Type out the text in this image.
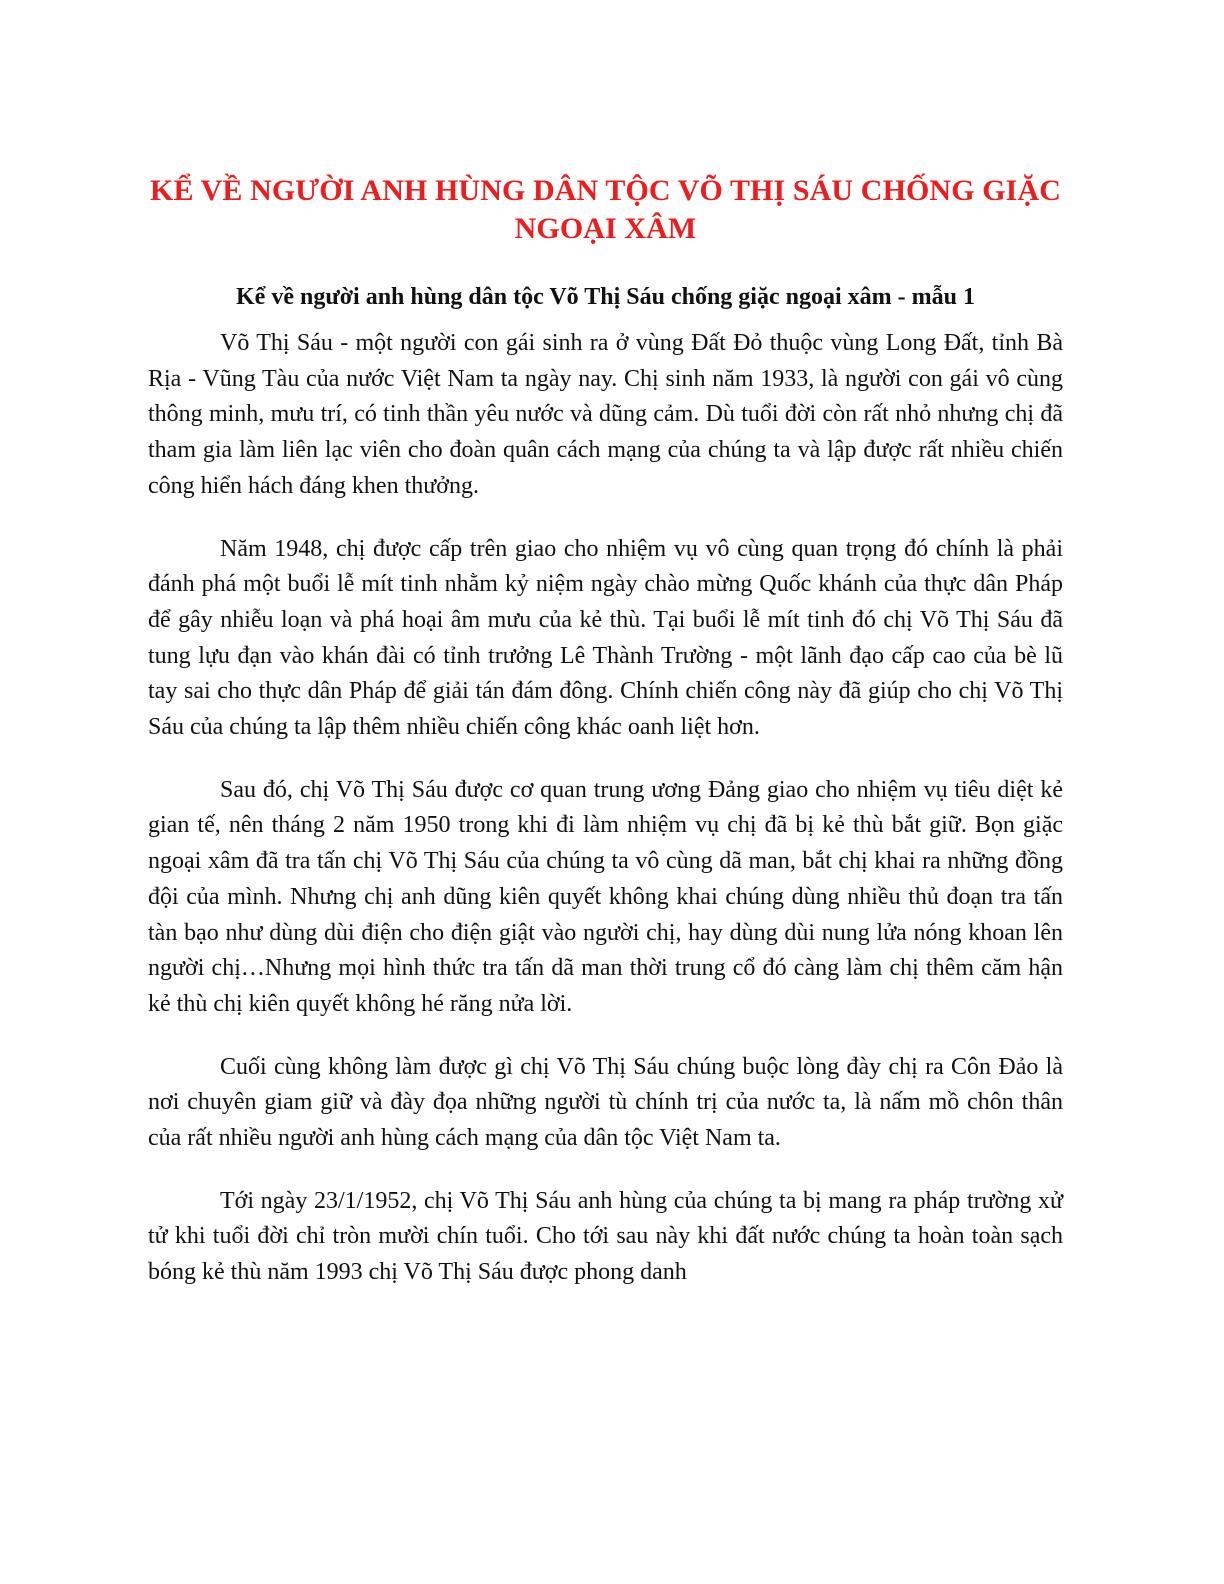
KỂ VỀ NGƯỜI ANH HÙNG DÂN TỘC VÕ THỊ SÁU CHỐNG GIẶC NGOẠI XÂM
Kể về người anh hùng dân tộc Võ Thị Sáu chống giặc ngoại xâm - mẫu 1

Võ Thị Sáu - một người con gái sinh ra ở vùng Đất Đỏ thuộc vùng Long Đất, tỉnh Bà Rịa - Vũng Tàu của nước Việt Nam ta ngày nay. Chị sinh năm 1933, là người con gái vô cùng thông minh, mưu trí, có tinh thần yêu nước và dũng cảm. Dù tuổi đời còn rất nhỏ nhưng chị đã tham gia làm liên lạc viên cho đoàn quân cách mạng của chúng ta và lập được rất nhiều chiến công hiển hách đáng khen thưởng.

Năm 1948, chị được cấp trên giao cho nhiệm vụ vô cùng quan trọng đó chính là phải đánh phá một buổi lễ mít tinh nhằm kỷ niệm ngày chào mừng Quốc khánh của thực dân Pháp để gây nhiễu loạn và phá hoại âm mưu của kẻ thù. Tại buổi lễ mít tinh đó chị Võ Thị Sáu đã tung lựu đạn vào khán đài có tỉnh trưởng Lê Thành Trường - một lãnh đạo cấp cao của bè lũ tay sai cho thực dân Pháp để giải tán đám đông. Chính chiến công này đã giúp cho chị Võ Thị Sáu của chúng ta lập thêm nhiều chiến công khác oanh liệt hơn.

Sau đó, chị Võ Thị Sáu được cơ quan trung ương Đảng giao cho nhiệm vụ tiêu diệt kẻ gian tế, nên tháng 2 năm 1950 trong khi đi làm nhiệm vụ chị đã bị kẻ thù bắt giữ. Bọn giặc ngoại xâm đã tra tấn chị Võ Thị Sáu của chúng ta vô cùng dã man, bắt chị khai ra những đồng đội của mình. Nhưng chị anh dũng kiên quyết không khai chúng dùng nhiều thủ đoạn tra tấn tàn bạo như dùng dùi điện cho điện giật vào người chị, hay dùng dùi nung lửa nóng khoan lên người chị…Nhưng mọi hình thức tra tấn dã man thời trung cổ đó càng làm chị thêm căm hận kẻ thù chị kiên quyết không hé răng nửa lời.

Cuối cùng không làm được gì chị Võ Thị Sáu chúng buộc lòng đày chị ra Côn Đảo là nơi chuyên giam giữ và đày đọa những người tù chính trị của nước ta, là nấm mồ chôn thân của rất nhiều người anh hùng cách mạng của dân tộc Việt Nam ta.

Tới ngày 23/1/1952, chị Võ Thị Sáu anh hùng của chúng ta bị mang ra pháp trường xử tử khi tuổi đời chỉ tròn mười chín tuổi. Cho tới sau này khi đất nước chúng ta hoàn toàn sạch bóng kẻ thù năm 1993 chị Võ Thị Sáu được phong danh
